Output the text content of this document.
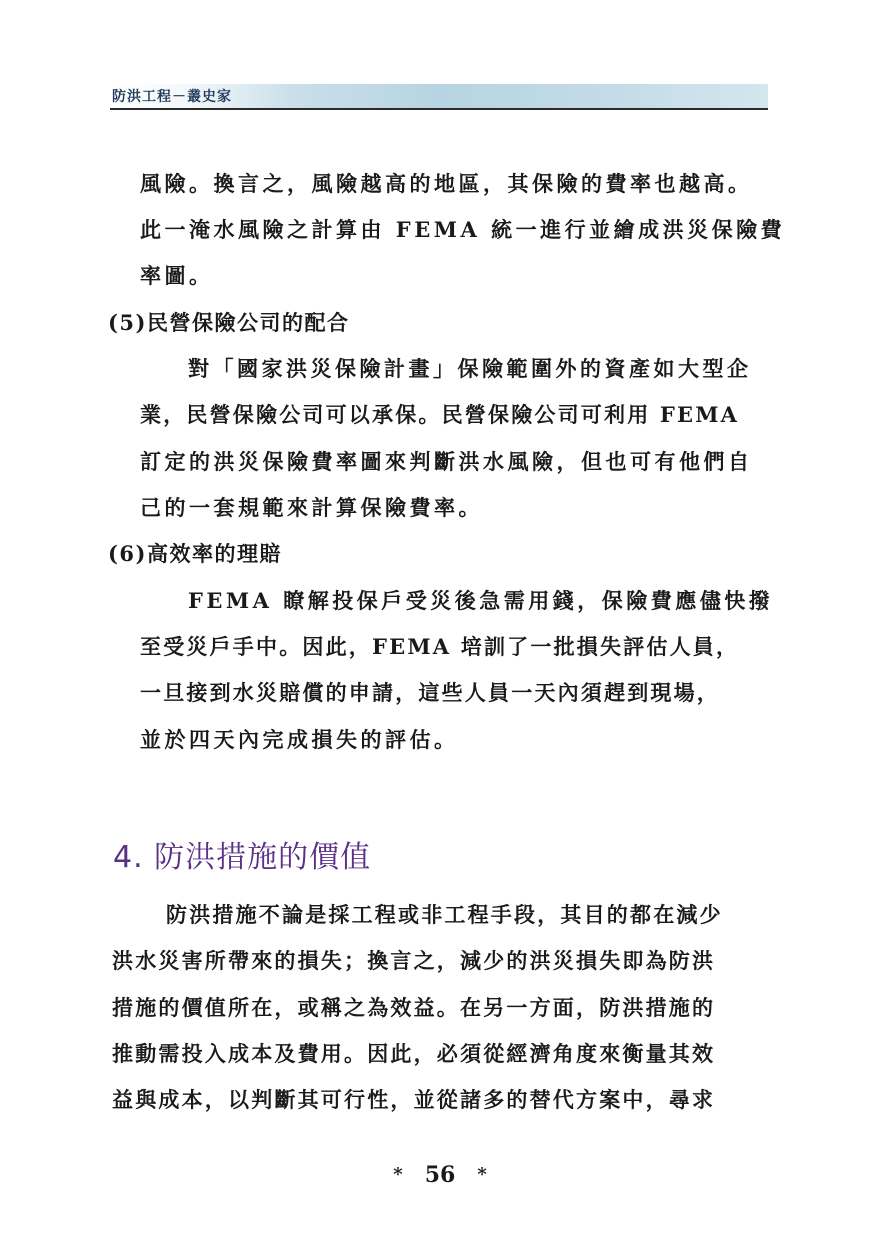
防洪工程－叢史家
風險。換言之，風險越高的地區，其保險的費率也越高。
此一淹水風險之計算由 FEMA 統一進行並繪成洪災保險費
率圖。
(5)民營保險公司的配合
對「國家洪災保險計畫」保險範圍外的資產如大型企
業，民營保險公司可以承保。民營保險公司可利用 FEMA
訂定的洪災保險費率圖來判斷洪水風險，但也可有他們自
己的一套規範來計算保險費率。
(6)高效率的理賠
FEMA 瞭解投保戶受災後急需用錢，保險費應儘快撥
至受災戶手中。因此，FEMA 培訓了一批損失評估人員，
一旦接到水災賠償的申請，這些人員一天內須趕到現場，
並於四天內完成損失的評估。
4. 防洪措施的價值
防洪措施不論是採工程或非工程手段，其目的都在減少
洪水災害所帶來的損失；換言之，減少的洪災損失即為防洪
措施的價值所在，或稱之為效益。在另一方面，防洪措施的
推動需投入成本及費用。因此，必須從經濟角度來衡量其效
益與成本，以判斷其可行性，並從諸多的替代方案中，尋求
* 56 *
